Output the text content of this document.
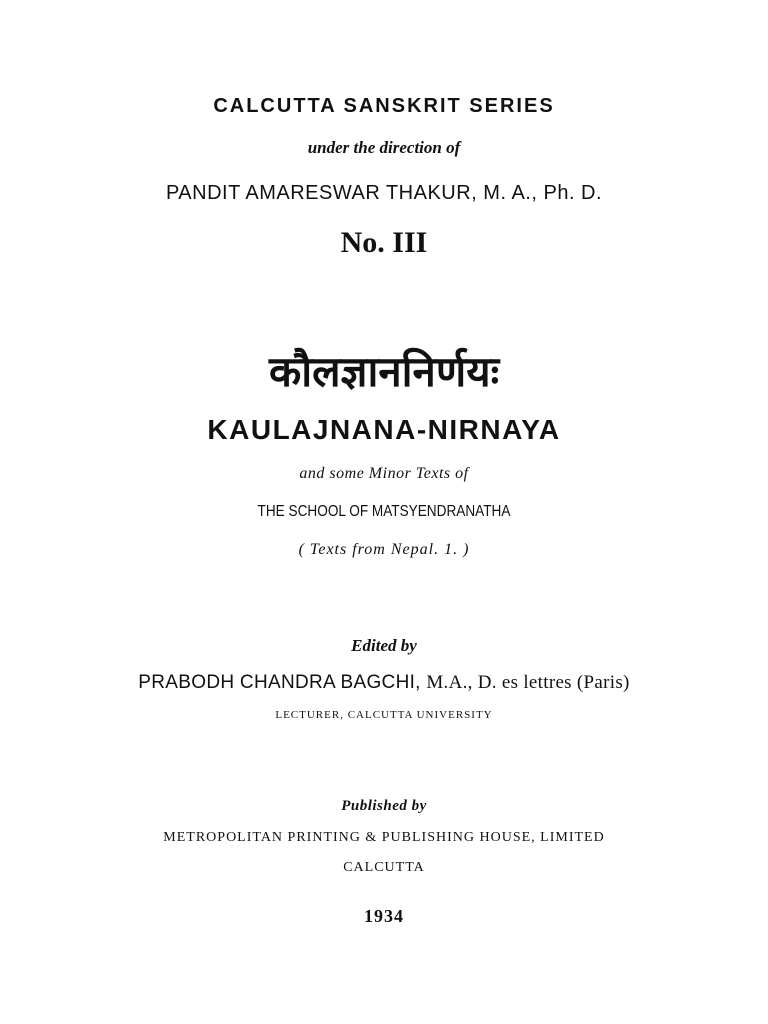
CALCUTTA SANSKRIT SERIES
under the direction of
PANDIT AMARESWAR THAKUR, M. A., Ph. D.
No. III
कौलज्ञाननिर्णयः
KAULAJNANA-NIRNAYA
and some Minor Texts of
THE SCHOOL OF MATSYENDRANATHA
( Texts from Nepal. 1. )
Edited by
PRABODH CHANDRA BAGCHI, M.A., D. es lettres (Paris)
LECTURER, CALCUTTA UNIVERSITY
Published by
METROPOLITAN PRINTING & PUBLISHING HOUSE, LIMITED
CALCUTTA
1934
